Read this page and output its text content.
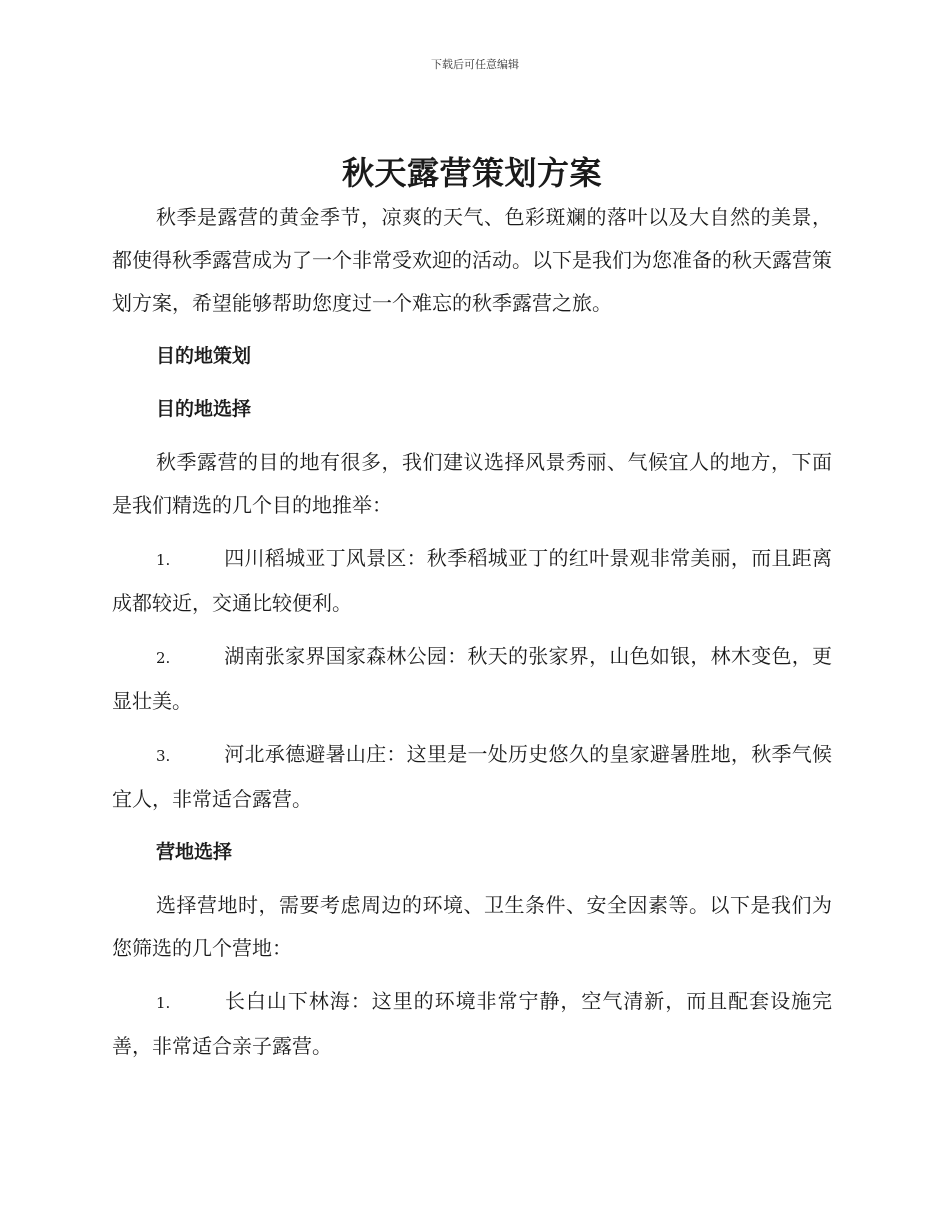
下载后可任意编辑
秋天露营策划方案

秋季是露营的黄金季节，凉爽的天气、色彩斑斓的落叶以及大自然的美景，都使得秋季露营成为了一个非常受欢迎的活动。以下是我们为您准备的秋天露营策划方案，希望能够帮助您度过一个难忘的秋季露营之旅。

目的地策划

目的地选择

秋季露营的目的地有很多，我们建议选择风景秀丽、气候宜人的地方，下面是我们精选的几个目的地推举：

1.	四川稻城亚丁风景区：秋季稻城亚丁的红叶景观非常美丽，而且距离成都较近，交通比较便利。

2.	湖南张家界国家森林公园：秋天的张家界，山色如银，林木变色，更显壮美。

3.	河北承德避暑山庄：这里是一处历史悠久的皇家避暑胜地，秋季气候宜人，非常适合露营。

营地选择

选择营地时，需要考虑周边的环境、卫生条件、安全因素等。以下是我们为您筛选的几个营地：

1.	长白山下林海：这里的环境非常宁静，空气清新，而且配套设施完善，非常适合亲子露营。
